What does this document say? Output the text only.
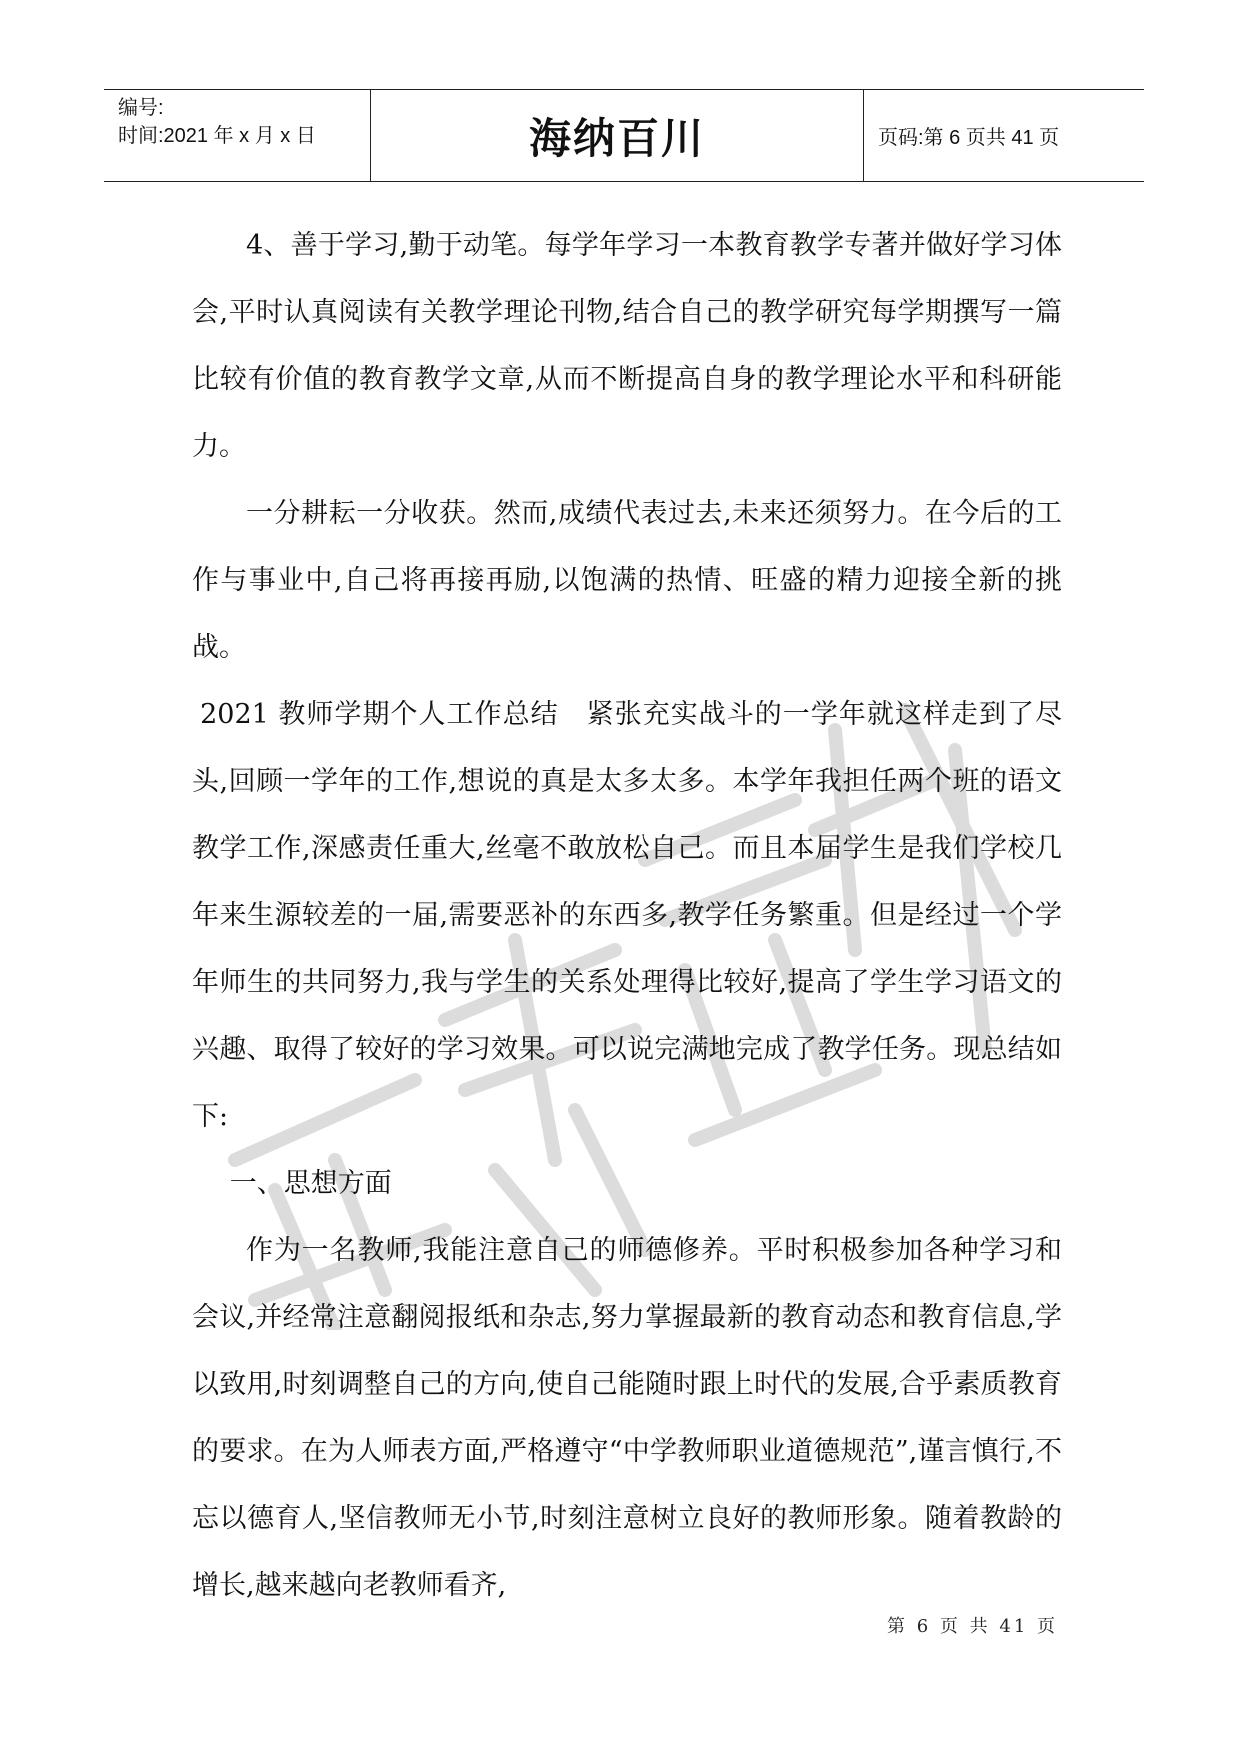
编号:
时间:2021 年 x 月 x 日	海纳百川	页码:第 6 页共 41 页
严禁复制

4、善于学习,勤于动笔。每学年学习一本教育教学专著并做好学习体会,平时认真阅读有关教学理论刊物,结合自己的教学研究每学期撰写一篇比较有价值的教育教学文章,从而不断提高自身的教学理论水平和科研能力。

一分耕耘一分收获。然而,成绩代表过去,未来还须努力。在今后的工作与事业中,自己将再接再励,以饱满的热情、旺盛的精力迎接全新的挑战。

2021 教师学期个人工作总结　紧张充实战斗的一学年就这样走到了尽头,回顾一学年的工作,想说的真是太多太多。本学年我担任两个班的语文教学工作,深感责任重大,丝毫不敢放松自己。而且本届学生是我们学校几年来生源较差的一届,需要恶补的东西多,教学任务繁重。但是经过一个学年师生的共同努力,我与学生的关系处理得比较好,提高了学生学习语文的兴趣、取得了较好的学习效果。可以说完满地完成了教学任务。现总结如下:

一、思想方面

作为一名教师,我能注意自己的师德修养。平时积极参加各种学习和会议,并经常注意翻阅报纸和杂志,努力掌握最新的教育动态和教育信息,学以致用,时刻调整自己的方向,使自己能随时跟上时代的发展,合乎素质教育的要求。在为人师表方面,严格遵守“中学教师职业道德规范”,谨言慎行,不忘以德育人,坚信教师无小节,时刻注意树立良好的教师形象。随着教龄的增长,越来越向老教师看齐,

第 6 页 共 41 页
